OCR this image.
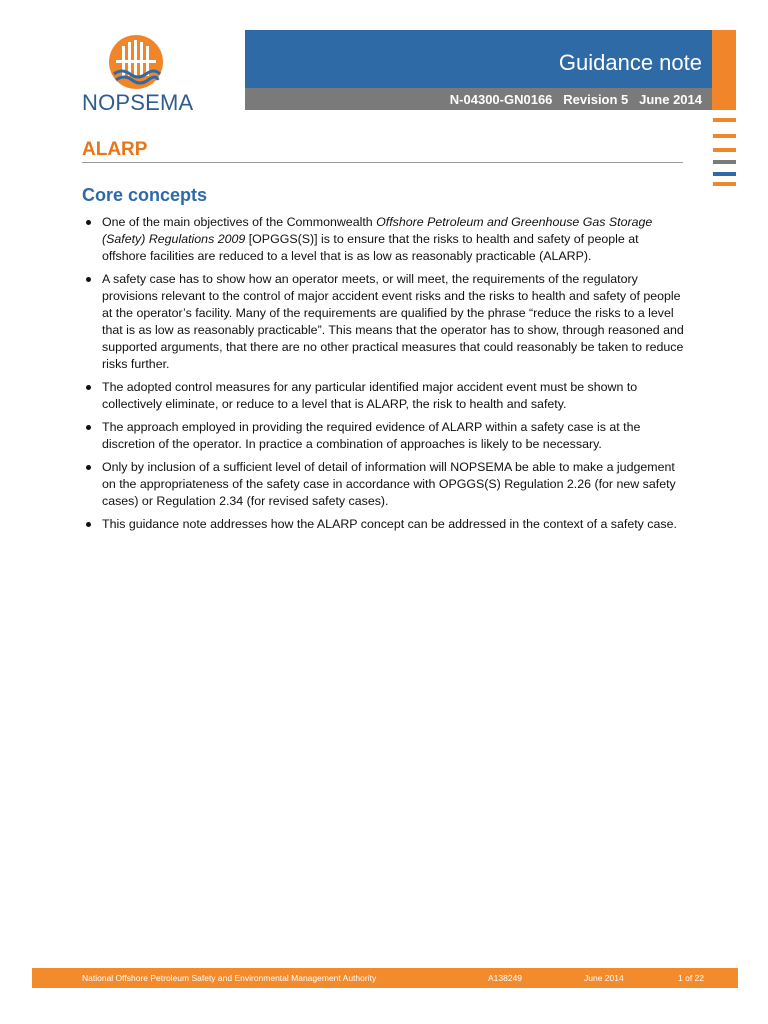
NOPSEMA
Guidance note
N-04300-GN0166 Revision 5 June 2014
ALARP
Core concepts
One of the main objectives of the Commonwealth Offshore Petroleum and Greenhouse Gas Storage (Safety) Regulations 2009 [OPGGS(S)] is to ensure that the risks to health and safety of people at offshore facilities are reduced to a level that is as low as reasonably practicable (ALARP).
A safety case has to show how an operator meets, or will meet, the requirements of the regulatory provisions relevant to the control of major accident event risks and the risks to health and safety of people at the operator’s facility. Many of the requirements are qualified by the phrase “reduce the risks to a level that is as low as reasonably practicable”. This means that the operator has to show, through reasoned and supported arguments, that there are no other practical measures that could reasonably be taken to reduce risks further.
The adopted control measures for any particular identified major accident event must be shown to collectively eliminate, or reduce to a level that is ALARP, the risk to health and safety.
The approach employed in providing the required evidence of ALARP within a safety case is at the discretion of the operator. In practice a combination of approaches is likely to be necessary.
Only by inclusion of a sufficient level of detail of information will NOPSEMA be able to make a judgement on the appropriateness of the safety case in accordance with OPGGS(S) Regulation 2.26 (for new safety cases) or Regulation 2.34 (for revised safety cases).
This guidance note addresses how the ALARP concept can be addressed in the context of a safety case.
National Offshore Petroleum Safety and Environmental Management Authority	A138249	June 2014	1 of 22
